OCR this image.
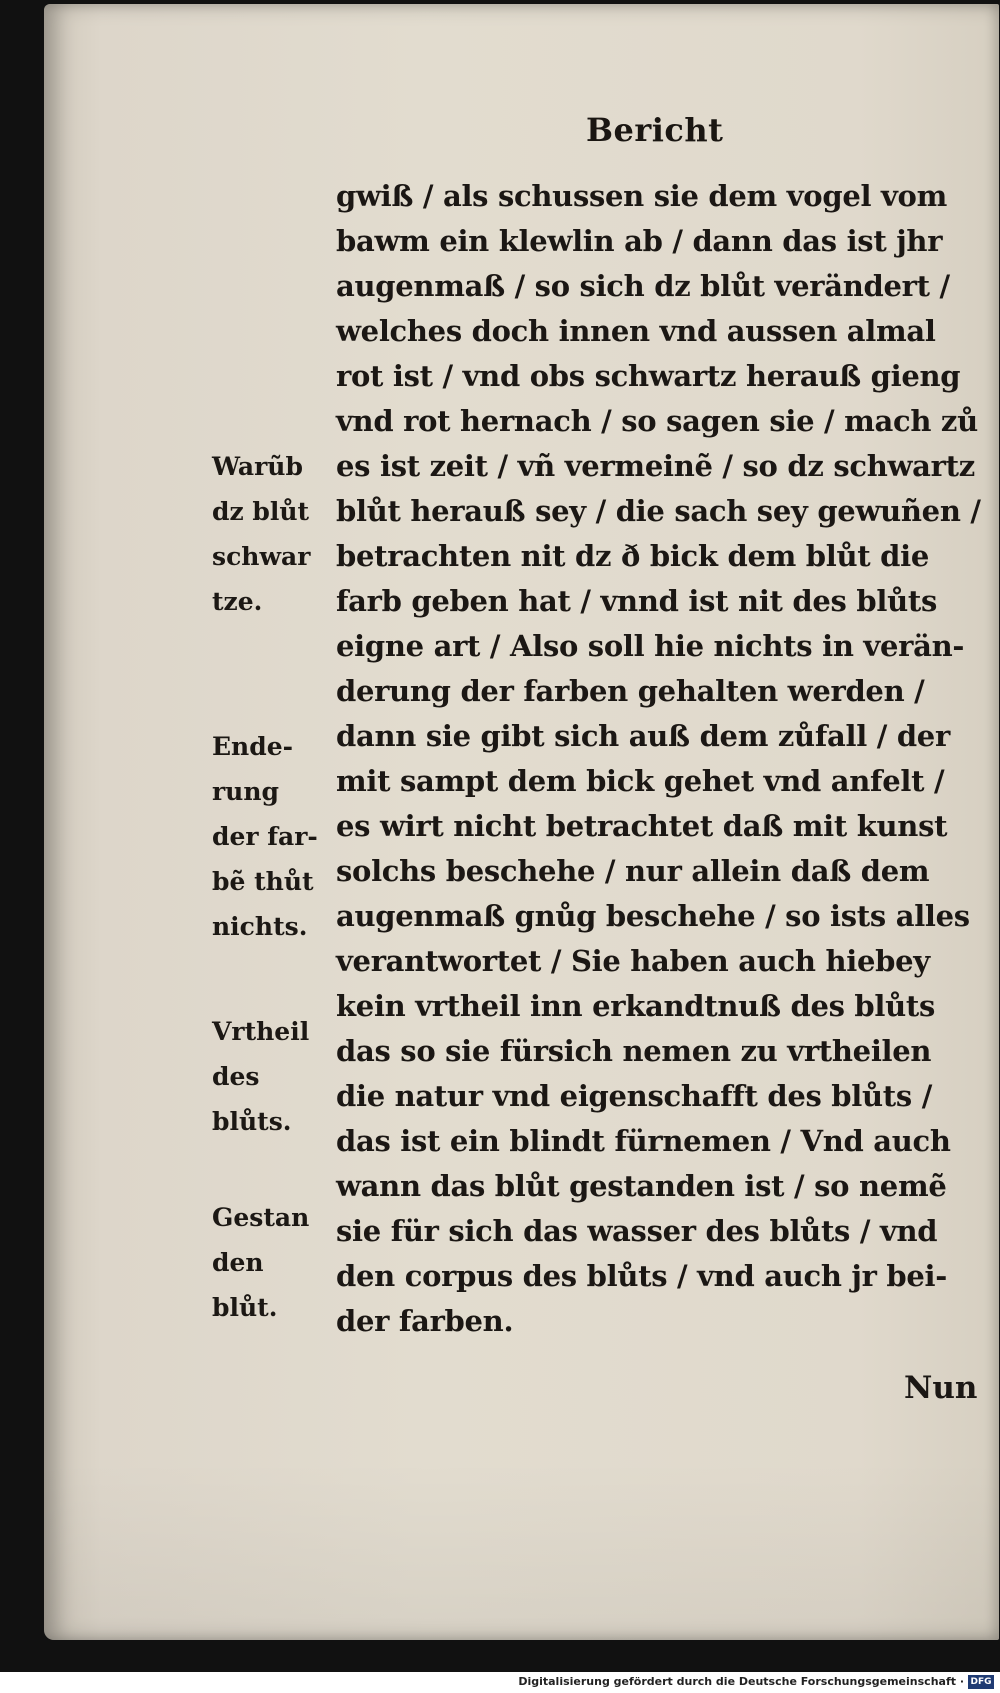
Bericht
gwiß / als schussen sie dem vogel vom
bawm ein klewlin ab / dann das ist jhr
augenmaß / so sich dz blůt verändert /
welches doch innen vnd aussen almal
rot ist / vnd obs schwartz herauß gieng
vnd rot hernach / so sagen sie / mach zů
es ist zeit / vñ vermeinẽ / so dz schwartz
blůt herauß sey / die sach sey gewuñen /
betrachten nit dz ð bick dem blůt die
farb geben hat / vnnd ist nit des blůts
eigne art / Also soll hie nichts in verän-
derung der farben gehalten werden /
dann sie gibt sich auß dem zůfall / der
mit sampt dem bick gehet vnd anfelt /
es wirt nicht betrachtet daß mit kunst
solchs beschehe / nur allein daß dem
augenmaß gnůg beschehe / so ists alles
verantwortet / Sie haben auch hiebey
kein vrtheil inn erkandtnuß des blůts
das so sie fürsich nemen zu vrtheilen
die natur vnd eigenschafft des blůts /
das ist ein blindt fürnemen / Vnd auch
wann das blůt gestanden ist / so nemẽ
sie für sich das wasser des blůts / vnd
den corpus des blůts / vnd auch jr bei-
der farben.
Warũb
dz blůt
schwar
tze.
Ende-
rung
der far-
bẽ thůt
nichts.
Vrtheil
des
blůts.
Gestan
den
blůt.
Nun
Digitalisierung gefördert durch die Deutsche Forschungsgemeinschaft · DFG
